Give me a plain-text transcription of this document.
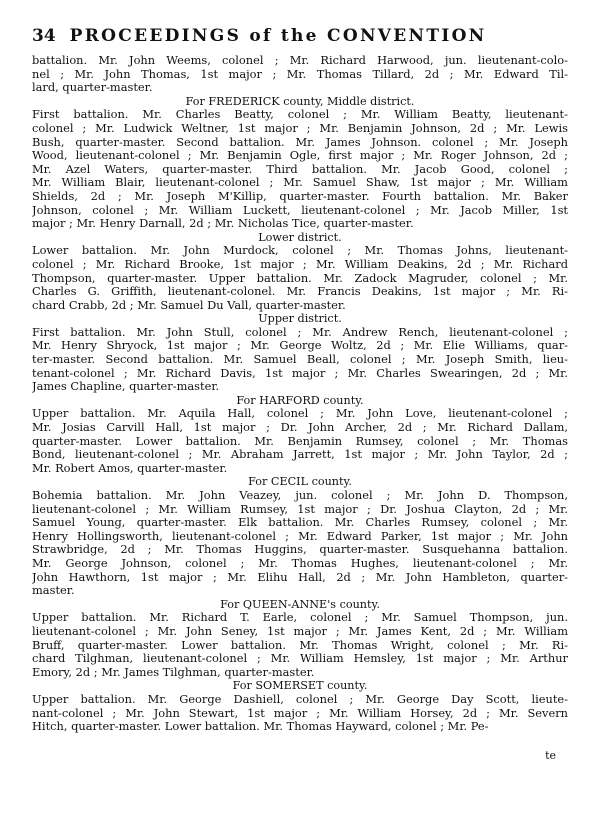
34 PROCEEDINGS of the CONVENTION
battalion. Mr. John Weems, colonel ; Mr. Richard Harwood, jun. lieutenant-colo-
nel ; Mr. John Thomas, 1st major ; Mr. Thomas Tillard, 2d ; Mr. Edward Til-
lard, quarter-master.
For FREDERICK county, Middle district.
First battalion. Mr. Charles Beatty, colonel ; Mr. William Beatty, lieutenant-
colonel ; Mr. Ludwick Weltner, 1st major ; Mr. Benjamin Johnson, 2d ; Mr. Lewis
Bush, quarter-master. Second battalion. Mr. James Johnson. colonel ; Mr. Joseph
Wood, lieutenant-colonel ; Mr. Benjamin Ogle, first major ; Mr. Roger Johnson, 2d ;
Mr. Azel Waters, quarter-master. Third battalion. Mr. Jacob Good, colonel ;
Mr. William Blair, lieutenant-colonel ; Mr. Samuel Shaw, 1st major ; Mr. William
Shields, 2d ; Mr. Joseph M'Killip, quarter-master. Fourth battalion. Mr. Baker
Johnson, colonel ; Mr. William Luckett, lieutenant-colonel ; Mr. Jacob Miller, 1st
major ; Mr. Henry Darnall, 2d ; Mr. Nicholas Tice, quarter-master.
Lower district.
Lower battalion. Mr. John Murdock, colonel ; Mr. Thomas Johns, lieutenant-
colonel ; Mr. Richard Brooke, 1st major ; Mr. William Deakins, 2d ; Mr. Richard
Thompson, quarter-master. Upper battalion. Mr. Zadock Magruder, colonel ; Mr.
Charles G. Griffith, lieutenant-colonel. Mr. Francis Deakins, 1st major ; Mr. Ri-
chard Crabb, 2d ; Mr. Samuel Du Vall, quarter-master.
Upper district.
First battalion. Mr. John Stull, colonel ; Mr. Andrew Rench, lieutenant-colonel ;
Mr. Henry Shryock, 1st major ; Mr. George Woltz, 2d ; Mr. Elie Williams, quar-
ter-master. Second battalion. Mr. Samuel Beall, colonel ; Mr. Joseph Smith, lieu-
tenant-colonel ; Mr. Richard Davis, 1st major ; Mr. Charles Swearingen, 2d ; Mr.
James Chapline, quarter-master.
For HARFORD county.
Upper battalion. Mr. Aquila Hall, colonel ; Mr. John Love, lieutenant-colonel ;
Mr. Josias Carvill Hall, 1st major ; Dr. John Archer, 2d ; Mr. Richard Dallam,
quarter-master. Lower battalion. Mr. Benjamin Rumsey, colonel ; Mr. Thomas
Bond, lieutenant-colonel ; Mr. Abraham Jarrett, 1st major ; Mr. John Taylor, 2d ;
Mr. Robert Amos, quarter-master.
For CECIL county.
Bohemia battalion. Mr. John Veazey, jun. colonel ; Mr. John D. Thompson,
lieutenant-colonel ; Mr. William Rumsey, 1st major ; Dr. Joshua Clayton, 2d ; Mr.
Samuel Young, quarter-master. Elk battalion. Mr. Charles Rumsey, colonel ; Mr.
Henry Hollingsworth, lieutenant-colonel ; Mr. Edward Parker, 1st major ; Mr. John
Strawbridge, 2d ; Mr. Thomas Huggins, quarter-master. Susquehanna battalion.
Mr. George Johnson, colonel ; Mr. Thomas Hughes, lieutenant-colonel ; Mr.
John Hawthorn, 1st major ; Mr. Elihu Hall, 2d ; Mr. John Hambleton, quarter-
master.
For QUEEN-ANNE's county.
Upper battalion. Mr. Richard T. Earle, colonel ; Mr. Samuel Thompson, jun.
lieutenant-colonel ; Mr. John Seney, 1st major ; Mr. James Kent, 2d ; Mr. William
Bruff, quarter-master. Lower battalion. Mr. Thomas Wright, colonel ; Mr. Ri-
chard Tilghman, lieutenant-colonel ; Mr. William Hemsley, 1st major ; Mr. Arthur
Emory, 2d ; Mr. James Tilghman, quarter-master.
For SOMERSET county.
Upper battalion. Mr. George Dashiell, colonel ; Mr. George Day Scott, lieute-
nant-colonel ; Mr. John Stewart, 1st major ; Mr. William Horsey, 2d ; Mr. Severn
Hitch, quarter-master. Lower battalion. Mr. Thomas Hayward, colonel ; Mr. Pe-
te
